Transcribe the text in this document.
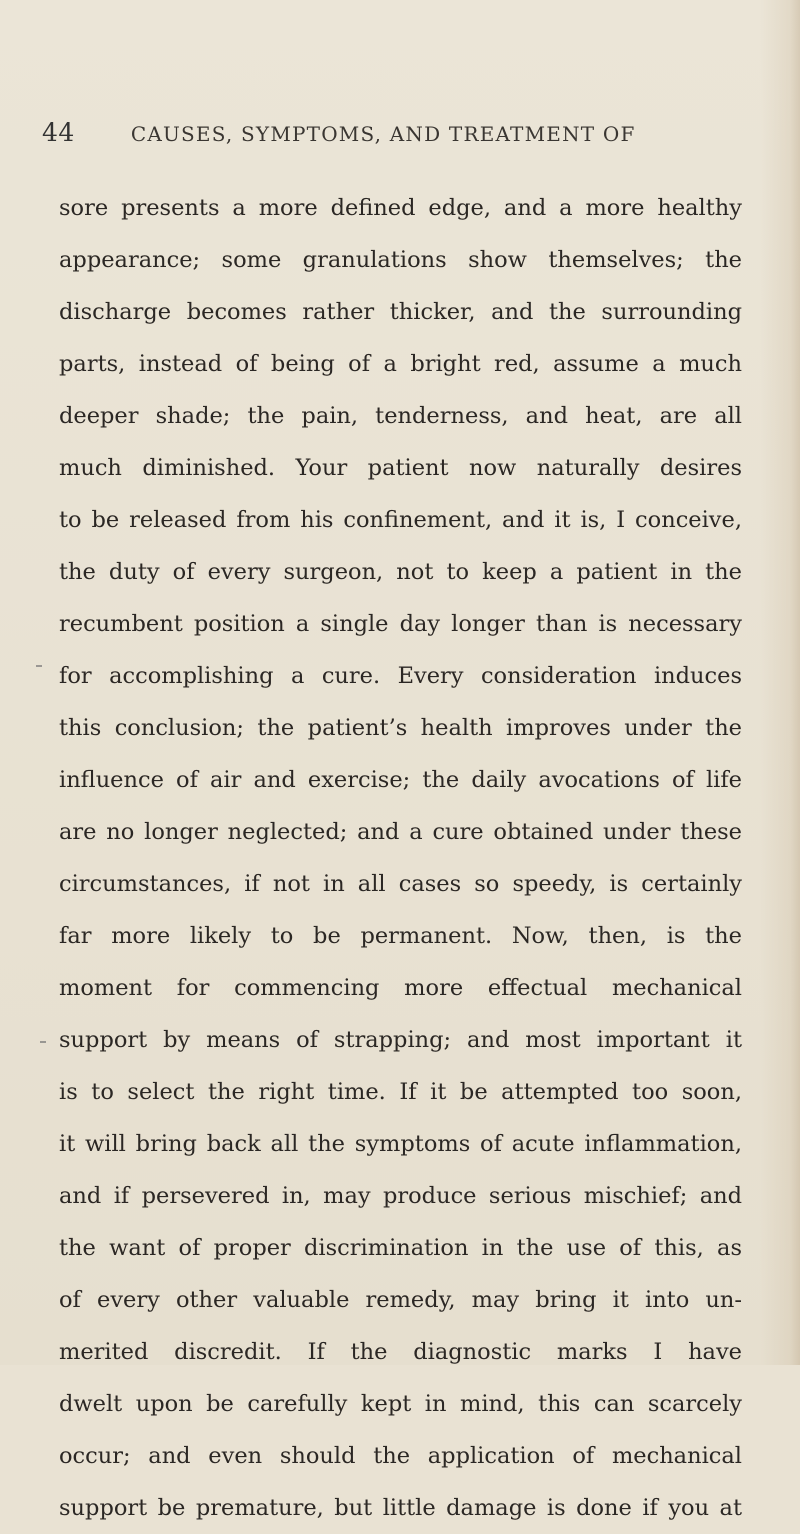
44	CAUSES, SYMPTOMS, AND TREATMENT OF
sore presents a more defined edge, and a more healthy
appearance; some granulations show themselves; the
discharge becomes rather thicker, and the surrounding
parts, instead of being of a bright red, assume a much
deeper shade; the pain, tenderness, and heat, are all
much diminished. Your patient now naturally desires
to be released from his confinement, and it is, I conceive,
the duty of every surgeon, not to keep a patient in the
recumbent position a single day longer than is necessary
for accomplishing a cure. Every consideration induces
this conclusion; the patient’s health improves under the
influence of air and exercise; the daily avocations of life
are no longer neglected; and a cure obtained under these
circumstances, if not in all cases so speedy, is certainly
far more likely to be permanent. Now, then, is the
moment for commencing more effectual mechanical
support by means of strapping; and most important it
is to select the right time. If it be attempted too soon,
it will bring back all the symptoms of acute inflammation,
and if persevered in, may produce serious mischief; and
the want of proper discrimination in the use of this, as
of every other valuable remedy, may bring it into un-
merited discredit. If the diagnostic marks I have
dwelt upon be carefully kept in mind, this can scarcely
occur; and even should the application of mechanical
support be premature, but little damage is done if you at
